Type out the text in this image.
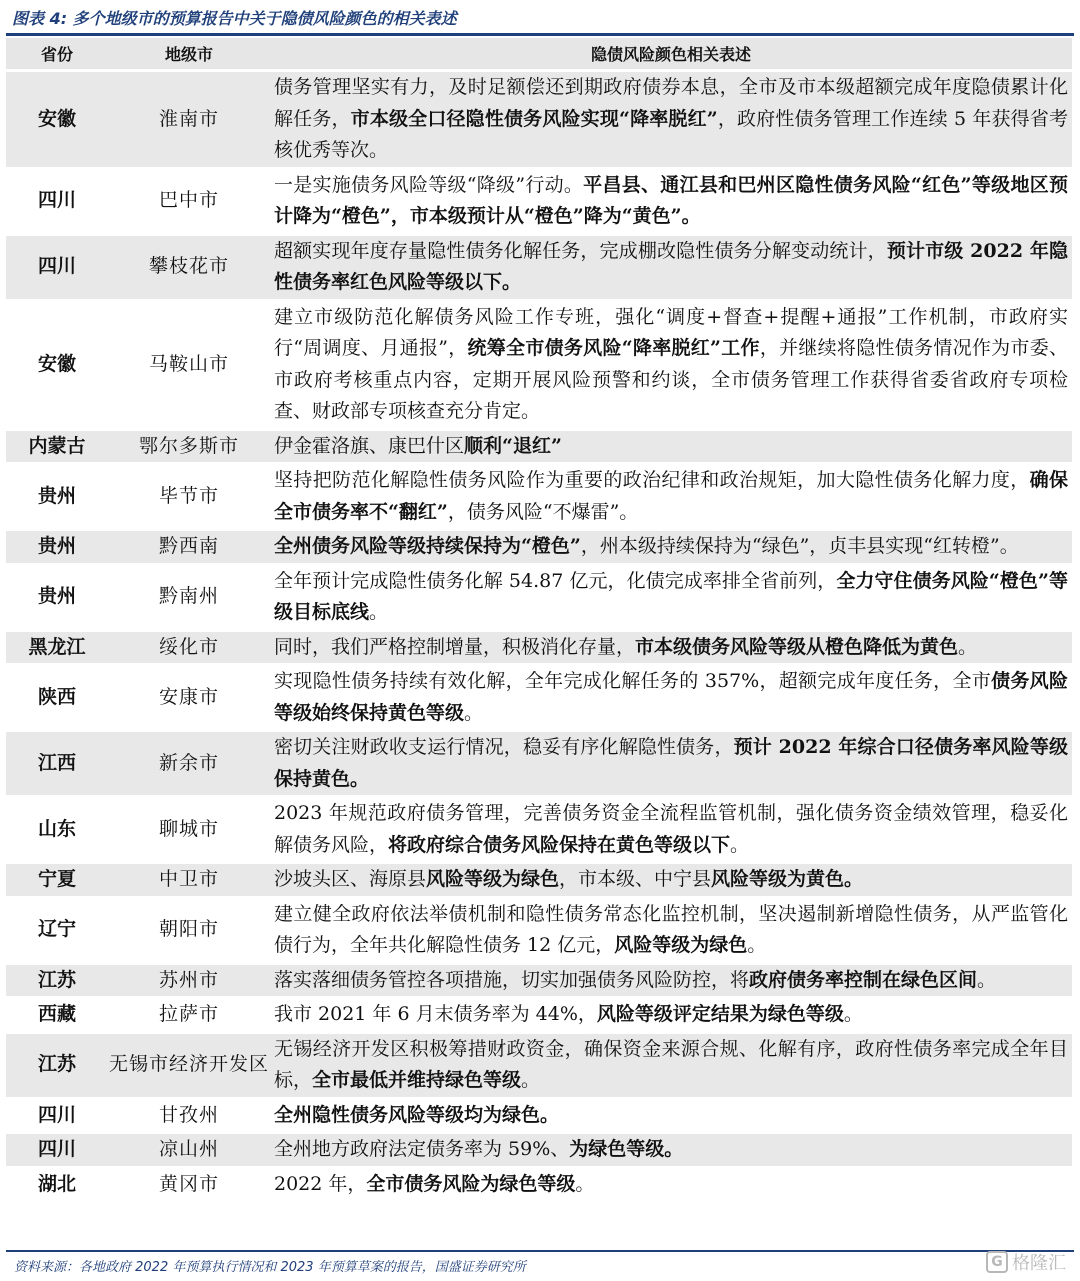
图表 4: 多个地级市的预算报告中关于隐债风险颜色的相关表述
省份	地级市	隐债风险颜色相关表述
安徽	淮南市	债务管理坚实有力，及时足额偿还到期政府债券本息，全市及市本级超额完成年度隐债累计化解任务，市本级全口径隐性债务风险实现“降率脱红”，政府性债务管理工作连续 5 年获得省考核优秀等次。
四川	巴中市	一是实施债务风险等级“降级”行动。平昌县、通江县和巴州区隐性债务风险“红色”等级地区预计降为“橙色”，市本级预计从“橙色”降为“黄色”。
四川	攀枝花市	超额实现年度存量隐性债务化解任务，完成棚改隐性债务分解变动统计，预计市级 2022 年隐性债务率红色风险等级以下。
安徽	马鞍山市	建立市级防范化解债务风险工作专班，强化“调度+督查+提醒+通报”工作机制，市政府实行“周调度、月通报”，统筹全市债务风险“降率脱红”工作，并继续将隐性债务情况作为市委、市政府考核重点内容，定期开展风险预警和约谈，全市债务管理工作获得省委省政府专项检查、财政部专项核查充分肯定。
内蒙古	鄂尔多斯市	伊金霍洛旗、康巴什区顺利“退红”
贵州	毕节市	坚持把防范化解隐性债务风险作为重要的政治纪律和政治规矩，加大隐性债务化解力度，确保全市债务率不“翻红”，债务风险“不爆雷”。
贵州	黔西南	全州债务风险等级持续保持为“橙色”，州本级持续保持为“绿色”，贞丰县实现“红转橙”。
贵州	黔南州	全年预计完成隐性债务化解 54.87 亿元，化债完成率排全省前列，全力守住债务风险“橙色”等级目标底线。
黑龙江	绥化市	同时，我们严格控制增量，积极消化存量，市本级债务风险等级从橙色降低为黄色。
陕西	安康市	实现隐性债务持续有效化解，全年完成化解任务的 357%，超额完成年度任务，全市债务风险等级始终保持黄色等级。
江西	新余市	密切关注财政收支运行情况，稳妥有序化解隐性债务，预计 2022 年综合口径债务率风险等级保持黄色。
山东	聊城市	2023 年规范政府债务管理，完善债务资金全流程监管机制，强化债务资金绩效管理，稳妥化解债务风险，将政府综合债务风险保持在黄色等级以下。
宁夏	中卫市	沙坡头区、海原县风险等级为绿色，市本级、中宁县风险等级为黄色。
辽宁	朝阳市	建立健全政府依法举债机制和隐性债务常态化监控机制，坚决遏制新增隐性债务，从严监管化债行为，全年共化解隐性债务 12 亿元，风险等级为绿色。
江苏	苏州市	落实落细债务管控各项措施，切实加强债务风险防控，将政府债务率控制在绿色区间。
西藏	拉萨市	我市 2021 年 6 月末债务率为 44%，风险等级评定结果为绿色等级。
江苏	无锡市经济开发区	无锡经济开发区积极筹措财政资金，确保资金来源合规、化解有序，政府性债务率完成全年目标，全市最低并维持绿色等级。
四川	甘孜州	全州隐性债务风险等级均为绿色。
四川	凉山州	全州地方政府法定债务率为 59%、为绿色等级。
湖北	黄冈市	2022 年，全市债务风险为绿色等级。
资料来源：各地政府 2022 年预算执行情况和 2023 年预算草案的报告，国盛证券研究所	G 格隆汇
